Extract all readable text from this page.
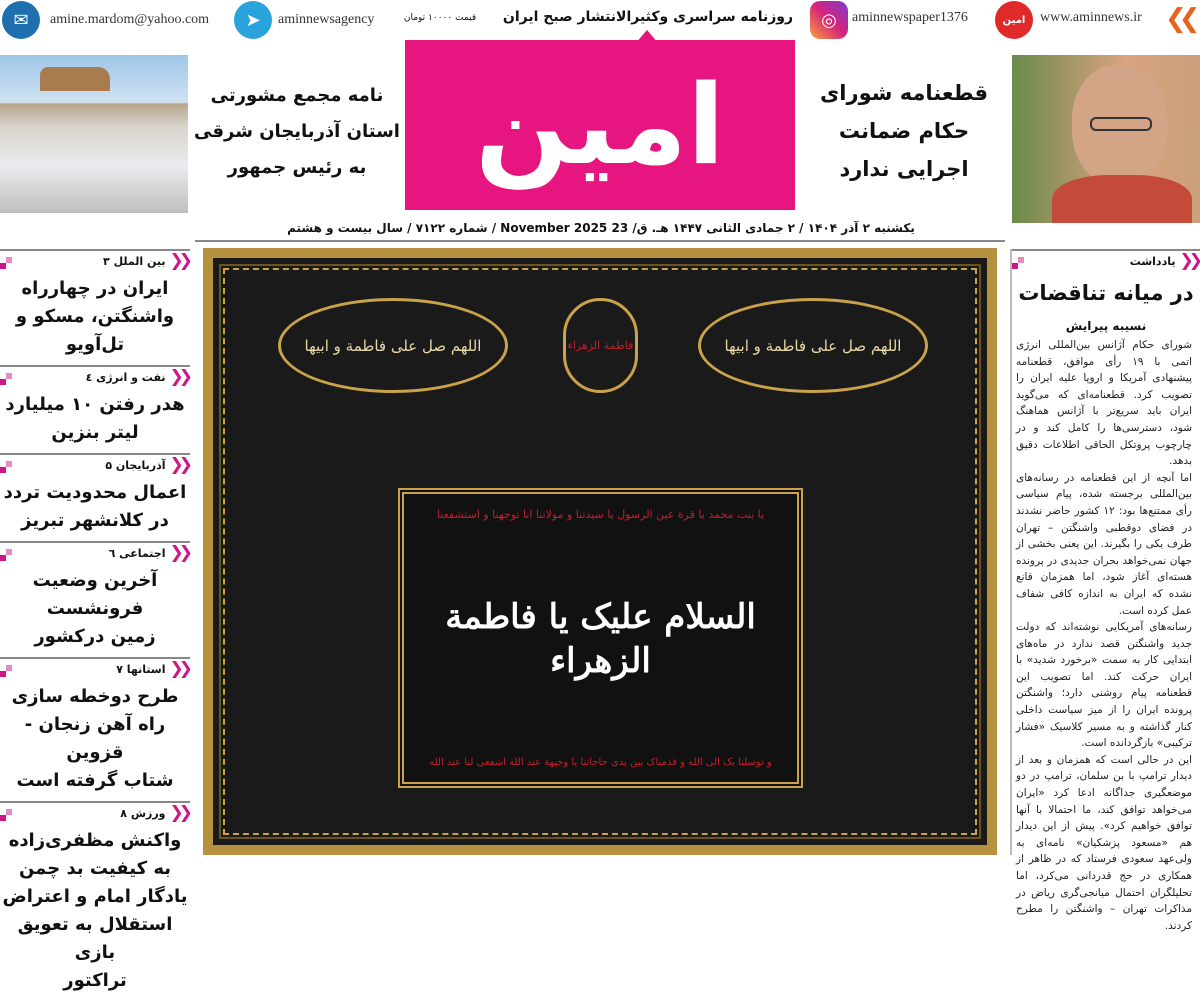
✉	amine.mardom@yahoo.com	➤	aminnewsagency	قیمت ۱۰۰۰۰ تومان	روزنامه سراسری وکثیرالانتشار صبح ایران	◎	aminnewspaper1376	امین	www.aminnews.ir ❮❮
نامه مجمع مشورتی
استان آذربایجان شرقی
به رئیس جمهور امین	قطعنامه شورای
حکام ضمانت
اجرایی ندارد
یکشنبه ۲ آذر ۱۴۰۴ / ۲ جمادی الثانی ۱۴۴۷ هـ. ق/ 23 November 2025 / شماره ۷۱۲۲ / سال بیست و هشتم
❮❮
بین الملل ۳
ایران در چهارراه
واشنگتن، مسکو و تل‌آویو
❮❮
نفت و انرژی ٤
هدر رفتن ۱۰ میلیارد
لیتر بنزین
❮❮
آذربایجان ۵
اعمال محدودیت تردد
در کلانشهر تبریز
❮❮
اجتماعی ٦
آخرین وضعیت فرونشست
زمین درکشور
❮❮
استانها ۷
طرح دوخطه سازی
راه آهن زنجان - قزوین
شتاب گرفته است
❮❮
ورزش ۸
واکنش مظفری‌زاده
به کیفیت بد چمن
یادگار امام و اعتراض
استقلال به تعویق بازی
تراکتور
اللهم صل علی فاطمة و ابیها	اللهم صل علی فاطمة و ابیها
فاطمة الزهراء
یا بنت محمد یا قرة عین الرسول یا سیدتنا و مولاتنا انا توجهنا و استشفعنا
السلام علیک یا فاطمة الزهراء
و توسلنا بک الی الله و قدمناک بین یدی حاجاتنا یا وجیهة عند الله اشفعی لنا عند الله
❮❮
یادداشت
در میانه تناقضات
نسیبه پیرایش

شورای حکام آژانس بین‌المللی انرژی اتمی با ۱۹ رأی موافق، قطعنامه پیشنهادی آمریکا و اروپا علیه ایران را تصویب کرد. قطعنامه‌ای که می‌گوید ایران باید سریع‌تر با آژانس هماهنگ شود، دسترسی‌ها را کامل کند و در چارچوب پروتکل الحاقی اطلاعات دقیق بدهد.

اما آنچه از این قطعنامه در رسانه‌های بین‌المللی برجسته شده، پیام سیاسی رأی ممتنع‌ها بود: ۱۲ کشور حاضر نشدند در فضای دوقطبی واشنگتن – تهران طرف یکی را بگیرند. این یعنی بخشی از جهان نمی‌خواهد بحران جدیدی در پرونده هسته‌ای آغاز شود، اما همزمان قانع نشده که ایران به اندازه کافی شفاف عمل کرده است.

رسانه‌های آمریکایی نوشته‌اند که دولت جدید واشنگتن قصد ندارد در ماه‌های ابتدایی کار به سمت «برخورد شدید» با ایران حرکت کند. اما تصویب این قطعنامه پیام روشنی دارد؛ واشنگتن پرونده ایران را از میز سیاست داخلی کنار گذاشته و به مسیر کلاسیک «فشار ترکیبی» بازگردانده است.

این در حالی است که همزمان و بعد از دیدار ترامپ با بن سلمان، ترامپ در دو موضعگیری جداگانه ادعا کرد «ایران می‌خواهد توافق کند، ما احتمالا با آنها توافق خواهیم کرد». پیش از این دیدار هم «مسعود پزشکیان» نامه‌ای به ولی‌عهد سعودی فرستاد که در ظاهر از همکاری در حج قدردانی می‌کرد، اما تحلیلگران احتمال میانجی‌گری ریاض در مذاکرات تهران – واشنگتن را مطرح کردند.
